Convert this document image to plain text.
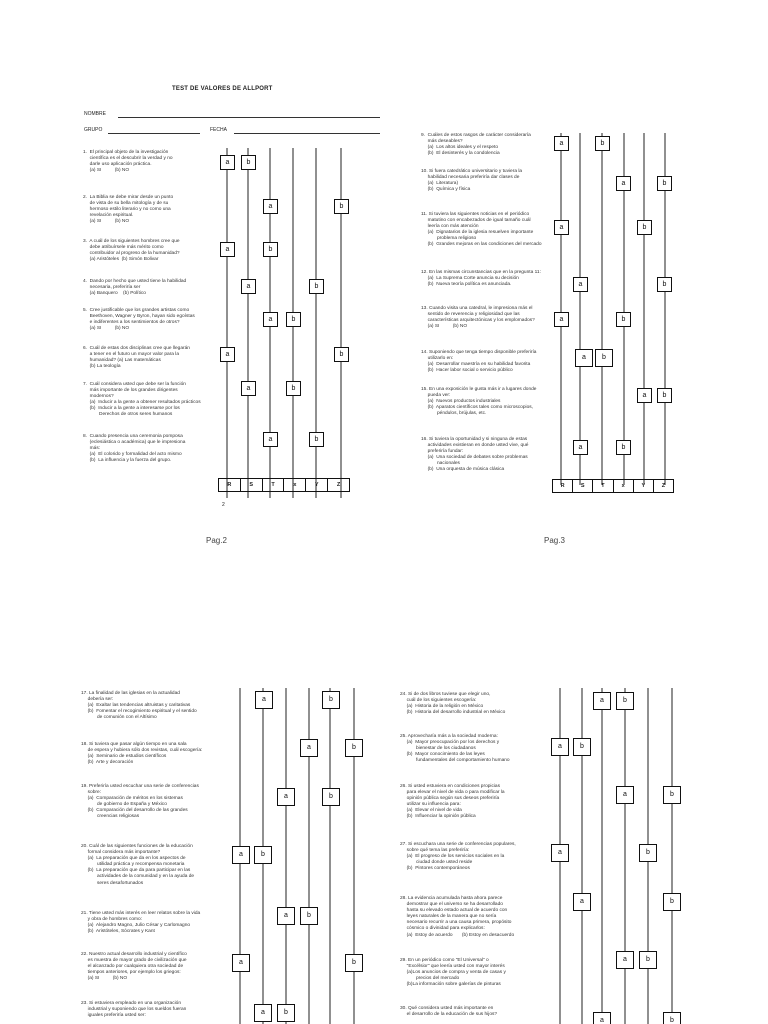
TEST DE VALORES DE ALLPORT
NOMBRE
GRUPO	FECHA
1.  El principal objeto de la investigación
científica es el descubrir la verdad y no
darle uso aplicación práctica.
(a) SI          (b) NO
2.  La Biblia se debe mirar desde un punto
de vista de su bella mitología y de su
hermoso estilo literario y no como una
revelación espiritual.
(a) SI          (b) NO
3.  A cuál de los siguientes hombres cree que
debe atribuírsele más mérito como
contribuidor al progreso de la humanidad?
(a) Aristóteles  (b) Simón Bolivar
4.  Dando por hecho que usted tiene la habilidad
necesaria, preferiría ser
(a) Banquero    (b) Político
5.  Cree justificable que los grandes artistas como
Beethoven, Wagner y Byron, hayan sido egoístas
e indiferentes a los sentimientos de otros?
(a) SI          (b) NO
6.  Cuál de estas dos disciplinas cree que llegarán
a tener en el futuro un mayor valor para la
humanidad? (a) Las matemáticas
(b) La teología
7.  Cuál considera usted que debe ser la función
más importante de los grandes dirigentes
modernos?
(a)  Inducir a la gente a obtener resultados prácticos
(b)  Inducir a la gente a interesarse por los
Derechos de otros seres humanos
8.  Cuando presencia una ceremonia pomposa
(eclesiástica o académica) que le impresiona
más:
(a)  El colorido y formalidad del acto mismo
(b)  La influencia y la fuerza del grupo.
a	b
a	b
a	b
a	b
a	b
a	b
a	b
a	b
R	S	T	x	Y	Z
2
9.  Cuáles de estos rasgos de carácter consideraría
más deseables?
(a)  Los altos ideales y el respeto
(b)  El desinterés y la condolencia
10. Si fuera catedrático universitario y tuviera la
habilidad necesaria preferiría dar clases de
(a)  Literatura)
(b)  Química y física
11. Si tuviera las siguientes noticias en el periódico
matutino con encabezados de igual tamaño cuál
leería con más atención
(a)  Dignatarios de la iglesia resuelven importante
problema religioso
(b)  Grandes mejoras en las condiciones del mercado
12. En las mismas circunstancias que en la pregunta 11:
(a)  La Suprema Corte anuncia su decisión
(b)  Nueva teoría política es anunciada.
13. Cuando visita una catedral, le impresiona más el
sentido de reverencia y religiosidad que las
características arquitectónicas y los emplomados?
(a) SI          (b) NO
14. Suponiendo que tenga tiempo disponible preferiría
utilizarlo en:
(a)  Desarrollar maestría en su habilidad favorita
(b)  Hacer labor social o servicio público
15. En una exposición le gusta más ir a lugares donde
pueda ver:
(a)  Nuevos productos industriales
(b)  Aparatos científicos tales como microscopios,
péndulos, brújulas, etc.
16. Si tuviera la oportunidad y si ninguna de estas
actividades existieran en donde usted vive, qué
preferiría fundar:
(a)  Una sociedad de debates sobre problemas
nacionales
(b)  Una orquesta de música clásica
a	b
a	b
a	b
a	b
a	b
a	b
a	b
a	b
R	S	T	x	Y	Z
Pag.2	Pag.3
17. La finalidad de las iglesias en la actualidad
debería ser:
(a)  Exaltar las tendencias altruistas y caritativas
(b)  Fomentar el recogimiento espiritual y el sentido
de comunión con el Altísimo
18. Si tuviera que pasar algún tiempo en una sala
de espera y hubiera sólo dos revistas, cuál escogería:
(a)  Seminario de estudios científicos
(b)  Arte y decoración
19. Preferiría usted escuchar una serie de conferencias
sobre:
(a)  Comparación de méritos en los sistemas
de gobierno de España y México
(b)  Comparación del desarrollo de las grandes
creencias religiosas
20. Cuál de las siguientes funciones de la educación
formal considera más importante?
(a)  La preparación que da en los aspectos de
utilidad práctica y recompensa monetaria
(b)  La preparación que da para participar en las
actividades de la comunidad y en la ayuda de
seres desafortunados
21. Tiene usted más interés en leer relatos sobre la vida
y obra de hombres como:
(a)  Alejandro Magno, Julio César y Carlomagno
(b)  Aristóteles, Sócrates y Kant
22. Nuestro actual desarrollo industrial y científico
es muestra de mayor grado de civilización que
el alcanzado por cualquiera otra sociedad de
tiempos anteriores, por ejemplo los griegos:
(a) SI          (b) NO
23. Si estuviera empleado en una organización
industrial y suponiendo que los sueldos fueran
iguales preferiría usted ser:
a	b
a	b
a	b
a	b
a	b
a	b
a	b
24. Si de dos libros tuviese que elegir uno,
cuál de los siguientes escogería:
(a)  Historia de la religión en México
(b)  Historia del desarrollo industrial en México
25. Aprovecharía más a la sociedad moderna:
(a)  Mayor preocupación por los derechos y
bienestar de los ciudadanos
(b)  Mayor conocimiento de las leyes
fundamentales del comportamiento humano
26. Si usted estuviera en condiciones propicias
para elevar el nivel de vida o para modificar la
opinión pública según sus deseos preferiría
utilizar su influencia para:
(a)  Elevar el nivel de vida
(b)  Influenciar la opinión pública
27. Si escuchara una serie de conferencias populares,
sobre qué tema las preferiría:
(a)  El progreso de los servicios sociales en la
ciudad donde usted reside
(b)  Pintores contemporáneos
28. La evidencia acumulada hasta ahora parece
demostrar que el universo se ha desarrollado
hasta su elevado estado actual de acuerdo con
leyes naturales de la manera que no sería
necesario recurrir a una causa primera, propósito
cósmico o divinidad para explicarlos:
(a)  Estoy de acuerdo       (b) Estoy en desacuerdo
29. En un periódico como "El Universal" o
"Excélsior" que leería usted con mayor interés
(a)Los anuncios de compra y venta de casas y
precios del mercado
(b)La información sobre galerías de pinturas
30. Qué considera usted más importante en
el desarrollo de la educación de sus hijos?
a	b
a	b
a	b
a	b
a	b
a	b
a	b
